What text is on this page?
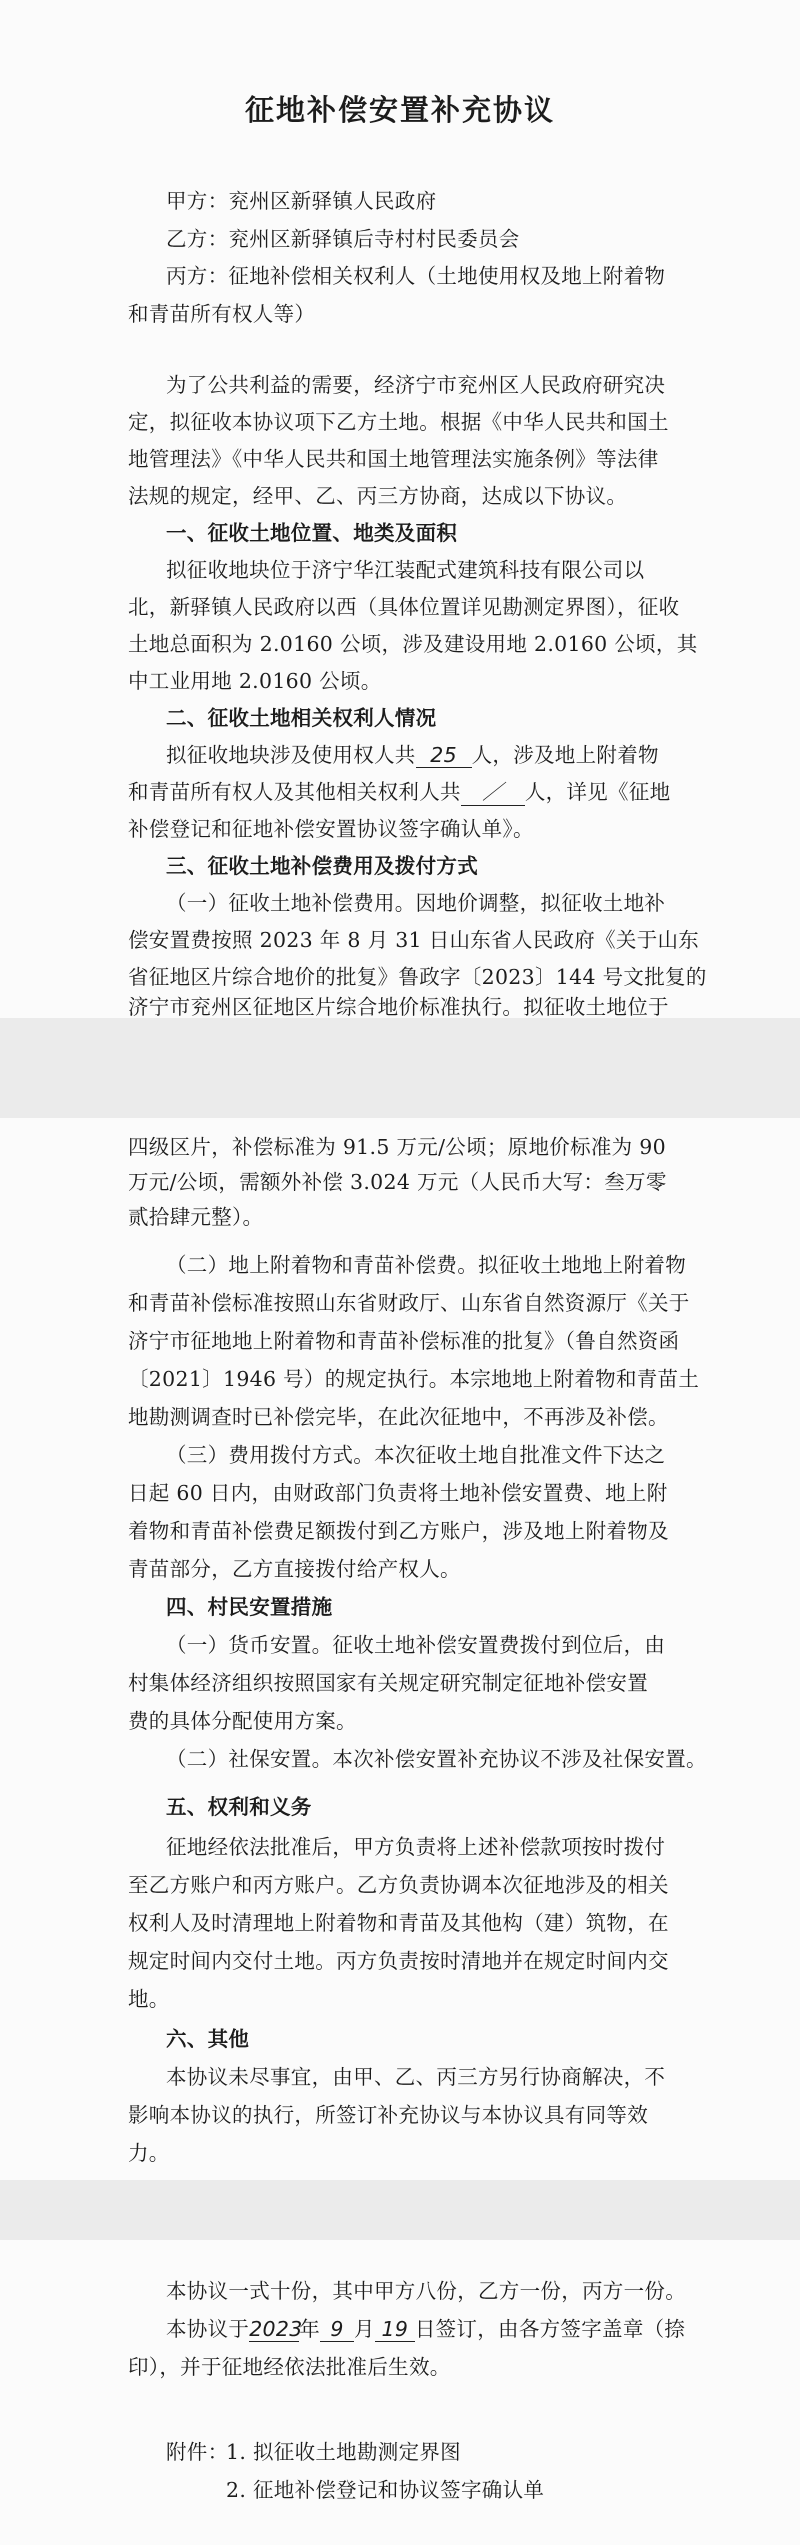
征地补偿安置补充协议
甲方：兖州区新驿镇人民政府
乙方：兖州区新驿镇后寺村村民委员会
丙方：征地补偿相关权利人（土地使用权及地上附着物
和青苗所有权人等）
为了公共利益的需要，经济宁市兖州区人民政府研究决
定，拟征收本协议项下乙方土地。根据《中华人民共和国土
地管理法》《中华人民共和国土地管理法实施条例》等法律
法规的规定，经甲、乙、丙三方协商，达成以下协议。
一、征收土地位置、地类及面积
拟征收地块位于济宁华江装配式建筑科技有限公司以
北，新驿镇人民政府以西（具体位置详见勘测定界图），征收
土地总面积为 2.0160 公顷，涉及建设用地 2.0160 公顷，其
中工业用地 2.0160 公顷。
二、征收土地相关权利人情况
拟征收地块涉及使用权人共 25 人，涉及地上附着物
和青苗所有权人及其他相关权利人共 ／ 人，详见《征地
补偿登记和征地补偿安置协议签字确认单》。
三、征收土地补偿费用及拨付方式
（一）征收土地补偿费用。因地价调整，拟征收土地补
偿安置费按照 2023 年 8 月 31 日山东省人民政府《关于山东
省征地区片综合地价的批复》鲁政字〔2023〕144 号文批复的
济宁市兖州区征地区片综合地价标准执行。拟征收土地位于
四级区片，补偿标准为 91.5 万元/公顷；原地价标准为 90
万元/公顷，需额外补偿 3.024 万元（人民币大写：叁万零
贰拾肆元整）。
（二）地上附着物和青苗补偿费。拟征收土地地上附着物
和青苗补偿标准按照山东省财政厅、山东省自然资源厅《关于
济宁市征地地上附着物和青苗补偿标准的批复》（鲁自然资函
〔2021〕1946 号）的规定执行。本宗地地上附着物和青苗土
地勘测调查时已补偿完毕，在此次征地中，不再涉及补偿。
（三）费用拨付方式。本次征收土地自批准文件下达之
日起 60 日内，由财政部门负责将土地补偿安置费、地上附
着物和青苗补偿费足额拨付到乙方账户，涉及地上附着物及
青苗部分，乙方直接拨付给产权人。
四、村民安置措施
（一）货币安置。征收土地补偿安置费拨付到位后，由
村集体经济组织按照国家有关规定研究制定征地补偿安置
费的具体分配使用方案。
（二）社保安置。本次补偿安置补充协议不涉及社保安置。
五、权利和义务
征地经依法批准后，甲方负责将上述补偿款项按时拨付
至乙方账户和丙方账户。乙方负责协调本次征地涉及的相关
权利人及时清理地上附着物和青苗及其他构（建）筑物，在
规定时间内交付土地。丙方负责按时清地并在规定时间内交
地。
六、其他
本协议未尽事宜，由甲、乙、丙三方另行协商解决，不
影响本协议的执行，所签订补充协议与本协议具有同等效
力。
本协议一式十份，其中甲方八份，乙方一份，丙方一份。
本协议于2023年 9 月 19 日签订，由各方签字盖章（捺
印），并于征地经依法批准后生效。
附件：
1. 拟征收土地勘测定界图
2. 征地补偿登记和协议签字确认单
